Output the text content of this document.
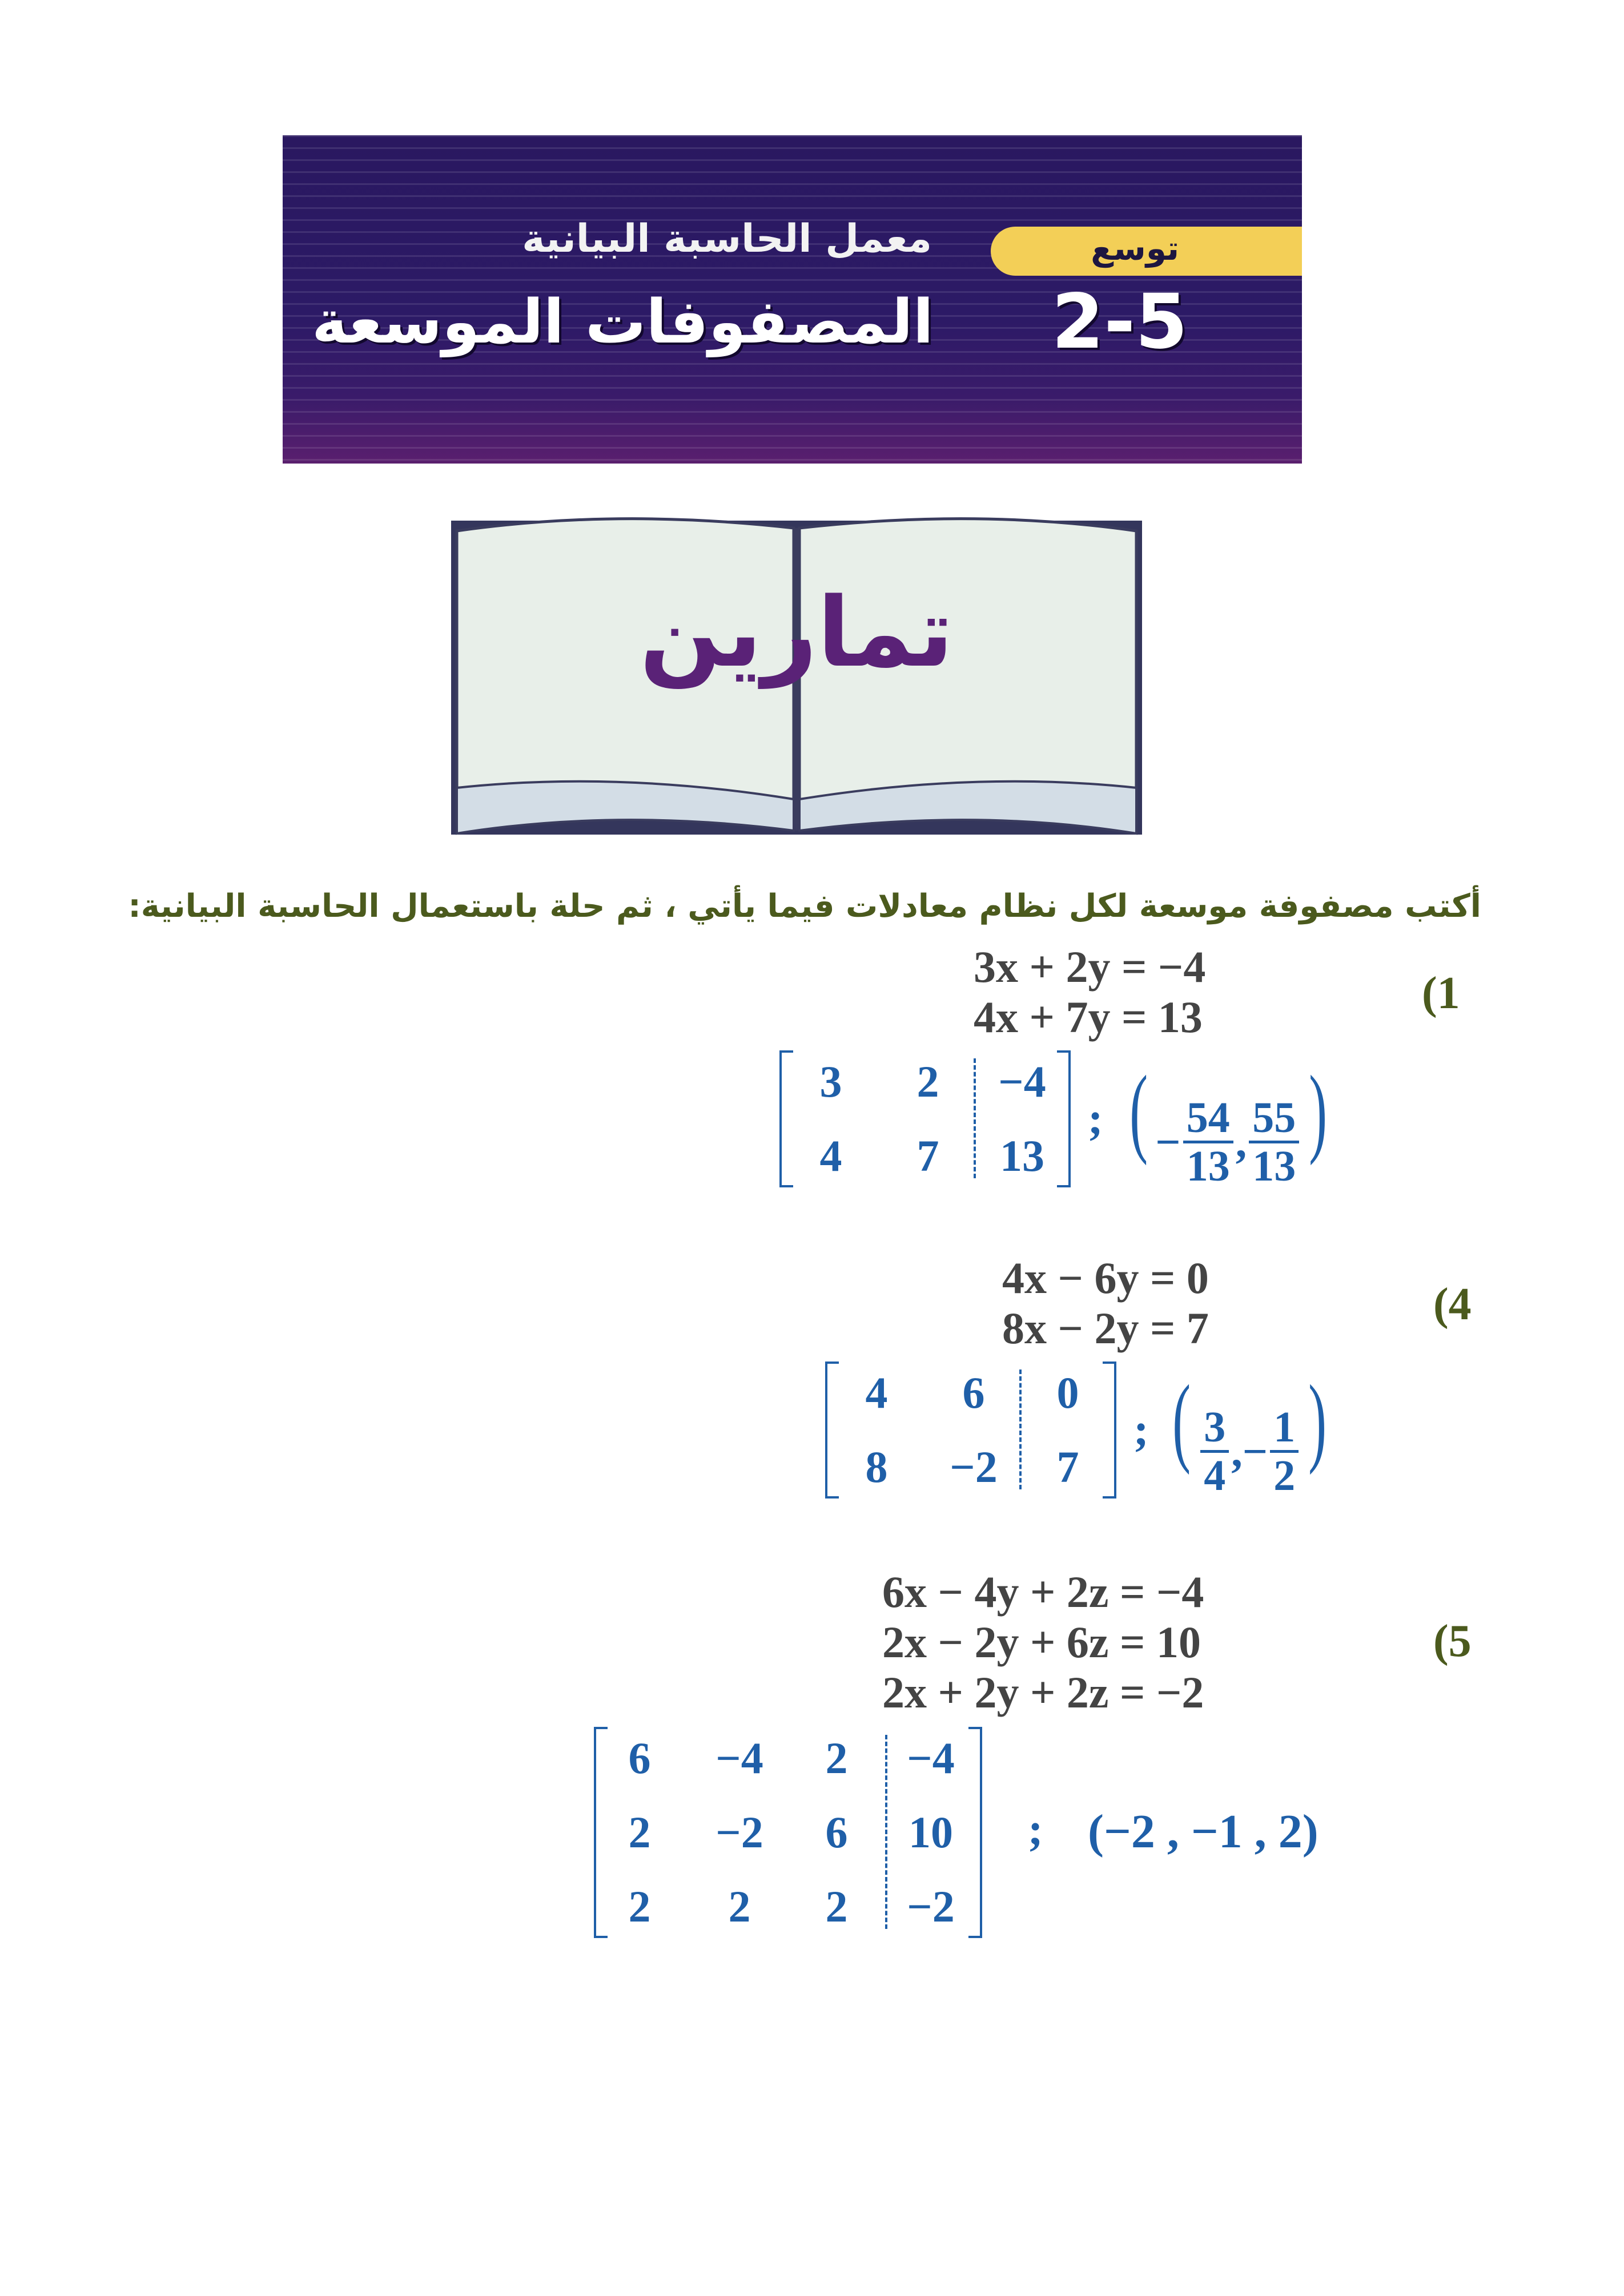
توسع
معمل الحاسبة البيانية
المصفوفات الموسعة 2-5
تمارين
أكتب مصفوفة موسعة لكل نظام معادلات فيما يأتي ، ثم حلة باستعمال الحاسبة البيانية:
(1
3x + 2y = −4
4x + 7y = 13
3	2	−4
4	7	13
; ( − $\frac{54}{13}$ , $\frac{55}{13}$ )
(4
4x − 6y = 0
8x − 2y = 7
4	6	0
8	−2	7
; ( $\frac{3}{4}$ ,− $\frac{1}{2}$ )
(5
6x − 4y + 2z = −4
2x − 2y + 6z = 10
2x + 2y + 2z = −2
6	−4	2	−4
2	−2	6	10
2	2	2	−2
; (−2 , −1 , 2)
